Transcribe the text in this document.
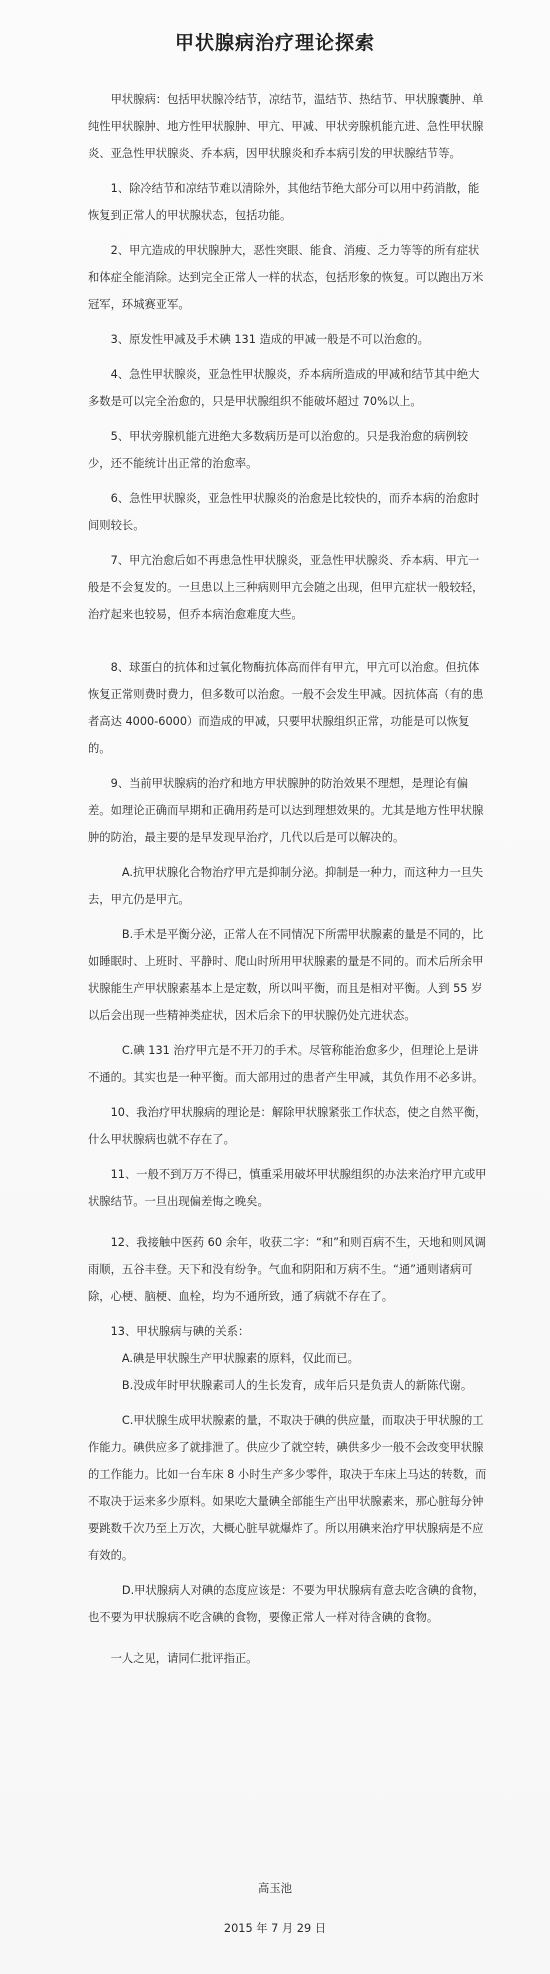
甲状腺病治疗理论探索

甲状腺病：包括甲状腺冷结节，凉结节，温结节、热结节、甲状腺囊肿、单纯性甲状腺肿、地方性甲状腺肿、甲亢、甲减、甲状旁腺机能亢进、急性甲状腺炎、亚急性甲状腺炎、乔本病，因甲状腺炎和乔本病引发的甲状腺结节等。

1、除冷结节和凉结节难以清除外，其他结节绝大部分可以用中药消散，能恢复到正常人的甲状腺状态，包括功能。

2、甲亢造成的甲状腺肿大，恶性突眼、能食、消瘦、乏力等等的所有症状和体症全能消除。达到完全正常人一样的状态，包括形象的恢复。可以跑出万米冠军，环城赛亚军。

3、原发性甲减及手术碘 131 造成的甲减一般是不可以治愈的。

4、急性甲状腺炎，亚急性甲状腺炎，乔本病所造成的甲减和结节其中绝大多数是可以完全治愈的，只是甲状腺组织不能破坏超过 70%以上。

5、甲状旁腺机能亢进绝大多数病历是可以治愈的。只是我治愈的病例较少，还不能统计出正常的治愈率。

6、急性甲状腺炎，亚急性甲状腺炎的治愈是比较快的，而乔本病的治愈时间则较长。

7、甲亢治愈后如不再患急性甲状腺炎，亚急性甲状腺炎、乔本病、甲亢一般是不会复发的。一旦患以上三种病则甲亢会随之出现，但甲亢症状一般较轻，治疗起来也较易，但乔本病治愈难度大些。

8、球蛋白的抗体和过氧化物酶抗体高而伴有甲亢，甲亢可以治愈。但抗体恢复正常则费时费力，但多数可以治愈。一般不会发生甲减。因抗体高（有的患者高达 4000-6000）而造成的甲减，只要甲状腺组织正常，功能是可以恢复的。

9、当前甲状腺病的治疗和地方甲状腺肿的防治效果不理想，是理论有偏差。如理论正确而早期和正确用药是可以达到理想效果的。尤其是地方性甲状腺肿的防治，最主要的是早发现早治疗，几代以后是可以解决的。

A.抗甲状腺化合物治疗甲亢是抑制分泌。抑制是一种力，而这种力一旦失去，甲亢仍是甲亢。

B.手术是平衡分泌，正常人在不同情况下所需甲状腺素的量是不同的，比如睡眠时、上班时、平静时、爬山时所用甲状腺素的量是不同的。而术后所余甲状腺能生产甲状腺素基本上是定数，所以叫平衡，而且是相对平衡。人到 55 岁以后会出现一些精神类症状，因术后余下的甲状腺仍处亢进状态。

C.碘 131 治疗甲亢是不开刀的手术。尽管称能治愈多少，但理论上是讲不通的。其实也是一种平衡。而大部用过的患者产生甲减，其负作用不必多讲。

10、我治疗甲状腺病的理论是：解除甲状腺紧张工作状态，使之自然平衡，什么甲状腺病也就不存在了。

11、一般不到万万不得已，慎重采用破坏甲状腺组织的办法来治疗甲亢或甲状腺结节。一旦出现偏差悔之晚矣。

12、我接触中医药 60 余年，收获二字：“和”和则百病不生，天地和则风调雨顺，五谷丰登。天下和没有纷争。气血和阴阳和万病不生。“通”通则诸病可除，心梗、脑梗、血栓，均为不通所致，通了病就不存在了。

13、甲状腺病与碘的关系：

A.碘是甲状腺生产甲状腺素的原料，仅此而已。

B.没成年时甲状腺素司人的生长发育，成年后只是负责人的新陈代谢。

C.甲状腺生成甲状腺素的量，不取决于碘的供应量，而取决于甲状腺的工作能力。碘供应多了就排泄了。供应少了就空转，碘供多少一般不会改变甲状腺的工作能力。比如一台车床 8 小时生产多少零件，取决于车床上马达的转数，而不取决于运来多少原料。如果吃大量碘全部能生产出甲状腺素来，那心脏每分钟要跳数千次乃至上万次，大概心脏早就爆炸了。所以用碘来治疗甲状腺病是不应有效的。

D.甲状腺病人对碘的态度应该是：不要为甲状腺病有意去吃含碘的食物，也不要为甲状腺病不吃含碘的食物，要像正常人一样对待含碘的食物。

一人之见，请同仁批评指正。

高玉池
2015 年 7 月 29 日
